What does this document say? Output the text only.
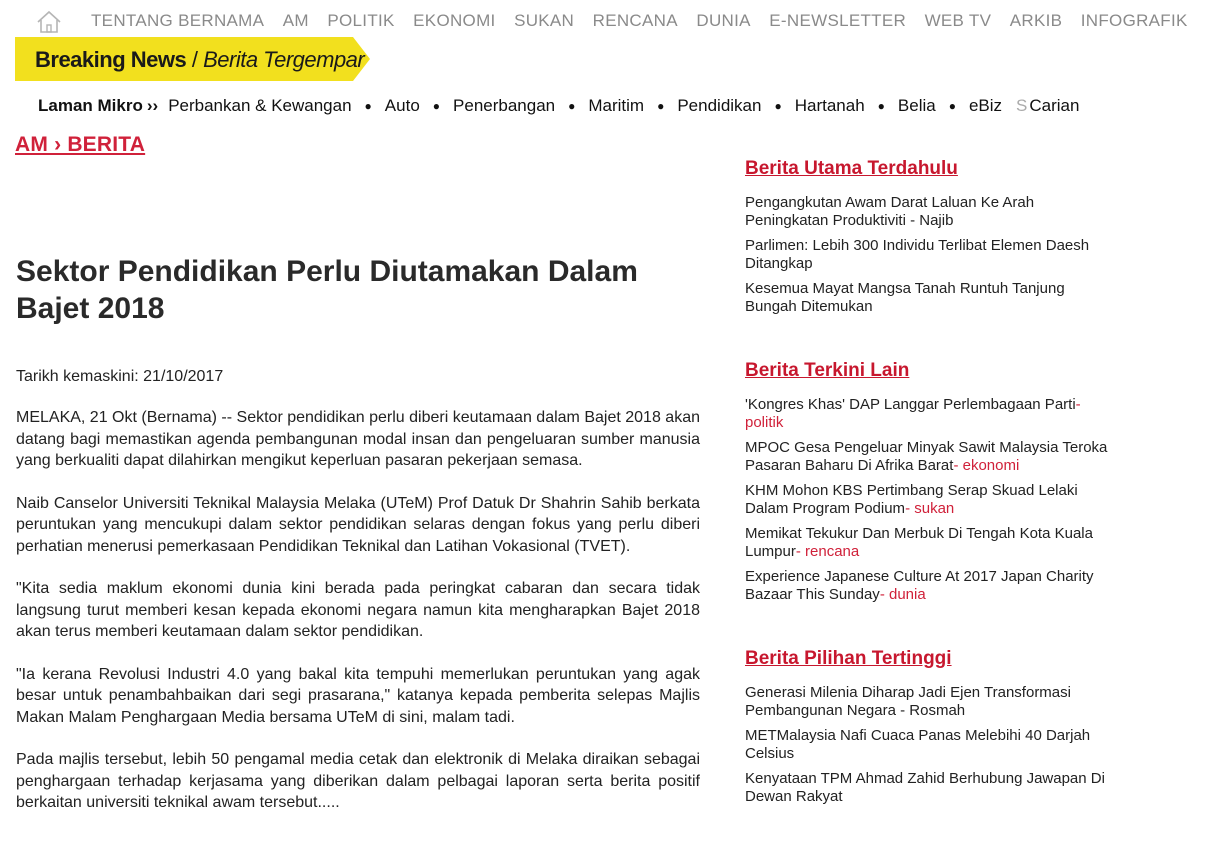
TENTANG BERNAMA AM POLITIK EKONOMI SUKAN RENCANA DUNIA E-NEWSLETTER WEB TV ARKIB INFOGRAFIK
Breaking News / Berita Tergempar
Laman Mikro ›› Perbankan & Kewangan ● Auto ● Penerbangan ● Maritim ● Pendidikan ● Hartanah ● Belia ● eBiz S Carian
AM › BERITA
Sektor Pendidikan Perlu Diutamakan Dalam Bajet 2018
Tarikh kemaskini: 21/10/2017

MELAKA, 21 Okt (Bernama) -- Sektor pendidikan perlu diberi keutamaan dalam Bajet 2018 akan datang bagi memastikan agenda pembangunan modal insan dan pengeluaran sumber manusia yang berkualiti dapat dilahirkan mengikut keperluan pasaran pekerjaan semasa.

Naib Canselor Universiti Teknikal Malaysia Melaka (UTeM) Prof Datuk Dr Shahrin Sahib berkata peruntukan yang mencukupi dalam sektor pendidikan selaras dengan fokus yang perlu diberi perhatian menerusi pemerkasaan Pendidikan Teknikal dan Latihan Vokasional (TVET).

"Kita sedia maklum ekonomi dunia kini berada pada peringkat cabaran dan secara tidak langsung turut memberi kesan kepada ekonomi negara namun kita mengharapkan Bajet 2018 akan terus memberi keutamaan dalam sektor pendidikan.

"Ia kerana Revolusi Industri 4.0 yang bakal kita tempuhi memerlukan peruntukan yang agak besar untuk penambahbaikan dari segi prasarana," katanya kepada pemberita selepas Majlis Makan Malam Penghargaan Media bersama UTeM di sini, malam tadi.

Pada majlis tersebut, lebih 50 pengamal media cetak dan elektronik di Melaka diraikan sebagai penghargaan terhadap kerjasama yang diberikan dalam pelbagai laporan serta berita positif berkaitan universiti teknikal awam tersebut.....

Berita Utama Terdahulu
Pengangkutan Awam Darat Laluan Ke Arah Peningkatan Produktiviti - Najib
Parlimen: Lebih 300 Individu Terlibat Elemen Daesh Ditangkap
Kesemua Mayat Mangsa Tanah Runtuh Tanjung Bungah Ditemukan
Berita Terkini Lain
'Kongres Khas' DAP Langgar Perlembagaan Parti- politik
MPOC Gesa Pengeluar Minyak Sawit Malaysia Teroka Pasaran Baharu Di Afrika Barat- ekonomi
KHM Mohon KBS Pertimbang Serap Skuad Lelaki Dalam Program Podium- sukan
Memikat Tekukur Dan Merbuk Di Tengah Kota Kuala Lumpur- rencana
Experience Japanese Culture At 2017 Japan Charity Bazaar This Sunday- dunia
Berita Pilihan Tertinggi
Generasi Milenia Diharap Jadi Ejen Transformasi Pembangunan Negara - Rosmah
METMalaysia Nafi Cuaca Panas Melebihi 40 Darjah Celsius
Kenyataan TPM Ahmad Zahid Berhubung Jawapan Di Dewan Rakyat
